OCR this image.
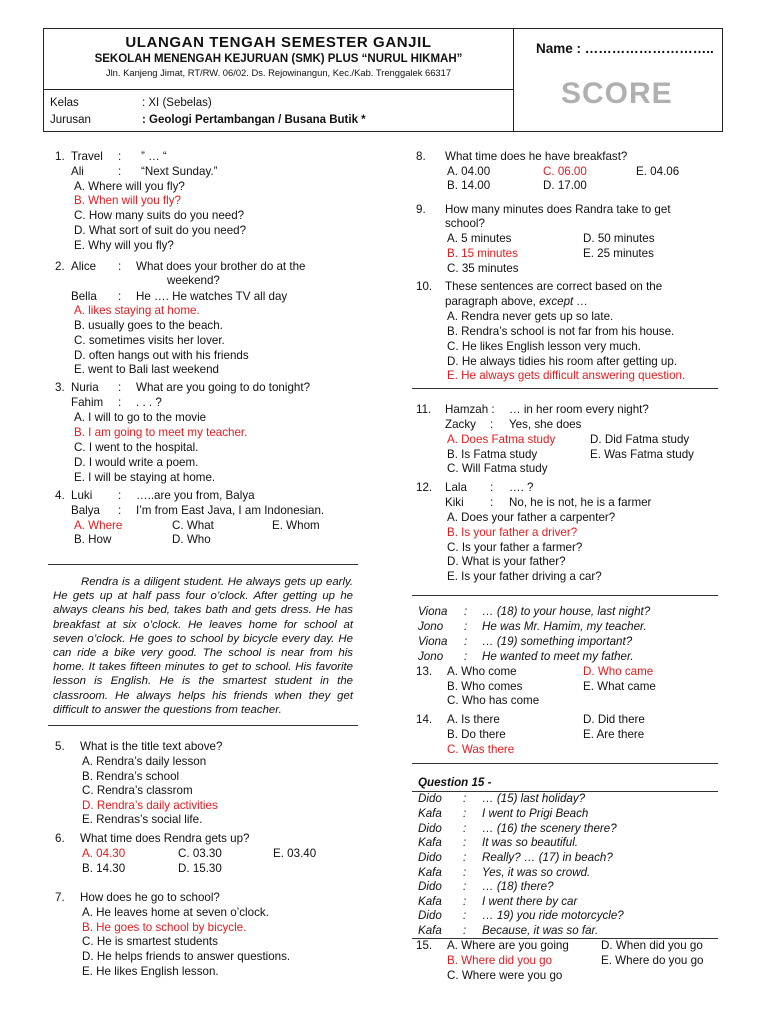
ULANGAN TENGAH SEMESTER GANJIL
SEKOLAH MENENGAH KEJURUAN (SMK) PLUS “NURUL HIKMAH”
Jln. Kanjeng Jimat, RT/RW. 06/02. Ds. Rejowinangun, Kec./Kab. Trenggalek 66317
Kelas	: XI (Sebelas)
Jurusan	: Geologi Pertambangan / Busana Butik *
Name : ………………………..
SCORE
1. Travel : ” … “
Ali	: “Next Sunday.”
A. Where will you fly?
B. When will you fly?
C. How many suits do you need?
D. What sort of suit do you need?
E. Why will you fly?
2. Alice : What does your brother do at the
weekend?
Bella : He …. He watches TV all day
A. likes staying at home.
B. usually goes to the beach.
C. sometimes visits her lover.
D. often hangs out with his friends
E. went to Bali last weekend
3. Nuria : What are you going to do tonight?
Fahim : . . . ?
A. I will to go to the movie
B. I am going to meet my teacher.
C. I went to the hospital.
D. I would write a poem.
E. I will be staying at home.
4. Luki : …..are you from, Balya
Balya : I’m from East Java, I am Indonesian.
A. Where	C. What	E. Whom
B. How	D. Who
Rendra is a diligent student. He always gets up early. He gets up at half pass four o’clock. After getting up he always cleans his bed, takes bath and gets dress. He has breakfast at six o’clock. He leaves home for school at seven o’clock. He goes to school by bicycle every day. He can ride a bike very good. The school is near from his home. It takes fifteen minutes to get to school. His favorite lesson is English. He is the smartest student in the classroom. He always helps his friends when they get difficult to answer the questions from teacher.
5. What is the title text above?
A. Rendra’s daily lesson
B. Rendra’s school
C. Rendra’s classrom
D. Rendra’s daily activities
E. Rendras’s social life.
6. What time does Rendra gets up?
A. 04.30	C. 03.30	E. 03.40
B. 14.30	D. 15.30
7. How does he go to school?
A. He leaves home at seven o’clock.
B. He goes to school by bicycle.
C. He is smartest students
D. He helps friends to answer questions.
E. He likes English lesson.
8. What time does he have breakfast?
A. 04.00	C. 06.00	E. 04.06
B. 14.00	D. 17.00
9. How many minutes does Randra take to get
school?
A. 5 minutes	D. 50 minutes
B. 15 minutes	E. 25 minutes
C. 35 minutes
10. These sentences are correct based on the
paragraph above, except …
A. Rendra never gets up so late.
B. Rendra’s school is not far from his house.
C. He likes English lesson very much.
D. He always tidies his room after getting up.
E. He always gets difficult answering question.
11. Hamzah : … in her room every night?
Zacky : Yes, she does
A. Does Fatma study	D. Did Fatma study
B. Is Fatma study	E. Was Fatma study
C. Will Fatma study
12. Lala : …. ?
Kiki : No, he is not, he is a farmer
A. Does your father a carpenter?
B. Is your father a driver?
C. Is your father a farmer?
D. What is your father?
E. Is your father driving a car?
Viona : … (18) to your house, last night?
Jono : He was Mr. Hamim, my teacher.
Viona : … (19) something important?
Jono : He wanted to meet my father.
13. A. Who come	D. Who came
B. Who comes	E. What came
C. Who has come
14. A. Is there	D. Did there
B. Do there	E. Are there
C. Was there
Question 15 -
Dido : … (15) last holiday?
Kafa : I went to Prigi Beach
Dido : … (16) the scenery there?
Kafa : It was so beautiful.
Dido : Really? … (17) in beach?
Kafa : Yes, it was so crowd.
Dido : … (18) there?
Kafa : I went there by car
Dido : … 19) you ride motorcycle?
Kafa : Because, it was so far.
15. A. Where are you going	D. When did you go
B. Where did you go	E. Where do you go
C. Where were you go
